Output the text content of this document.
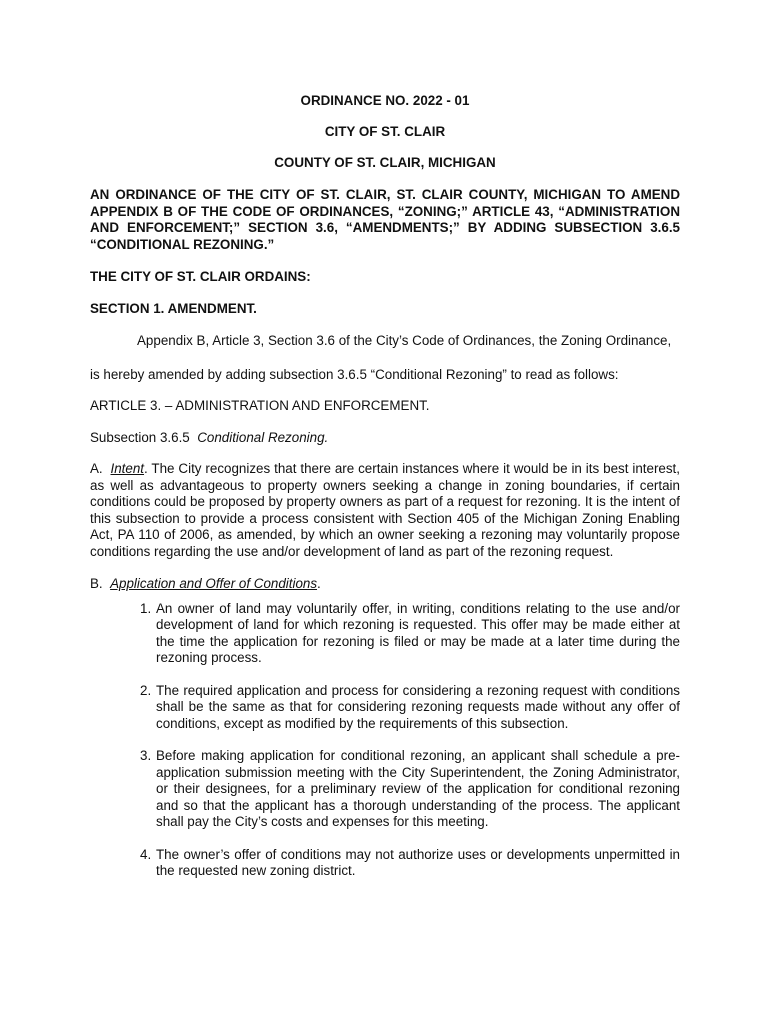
ORDINANCE NO. 2022 - 01

CITY OF ST. CLAIR

COUNTY OF ST. CLAIR, MICHIGAN

AN ORDINANCE OF THE CITY OF ST. CLAIR, ST. CLAIR COUNTY, MICHIGAN TO AMEND APPENDIX B OF THE CODE OF ORDINANCES, “ZONING;” ARTICLE 43, “ADMINISTRATION AND ENFORCEMENT;” SECTION 3.6, “AMENDMENTS;” BY ADDING SUBSECTION 3.6.5 “CONDITIONAL REZONING.”

THE CITY OF ST. CLAIR ORDAINS:

SECTION 1. AMENDMENT.

Appendix B, Article 3, Section 3.6 of the City’s Code of Ordinances, the Zoning Ordinance,

is hereby amended by adding subsection 3.6.5 “Conditional Rezoning” to read as follows:

ARTICLE 3. – ADMINISTRATION AND ENFORCEMENT.

Subsection 3.6.5 Conditional Rezoning.

A. Intent. The City recognizes that there are certain instances where it would be in its best interest, as well as advantageous to property owners seeking a change in zoning boundaries, if certain conditions could be proposed by property owners as part of a request for rezoning. It is the intent of this subsection to provide a process consistent with Section 405 of the Michigan Zoning Enabling Act, PA 110 of 2006, as amended, by which an owner seeking a rezoning may voluntarily propose conditions regarding the use and/or development of land as part of the rezoning request.

B. Application and Offer of Conditions.

1. An owner of land may voluntarily offer, in writing, conditions relating to the use and/or development of land for which rezoning is requested. This offer may be made either at the time the application for rezoning is filed or may be made at a later time during the rezoning process.
2. The required application and process for considering a rezoning request with conditions shall be the same as that for considering rezoning requests made without any offer of conditions, except as modified by the requirements of this subsection.
3. Before making application for conditional rezoning, an applicant shall schedule a pre-application submission meeting with the City Superintendent, the Zoning Administrator, or their designees, for a preliminary review of the application for conditional rezoning and so that the applicant has a thorough understanding of the process. The applicant shall pay the City’s costs and expenses for this meeting.
4. The owner’s offer of conditions may not authorize uses or developments unpermitted in the requested new zoning district.
